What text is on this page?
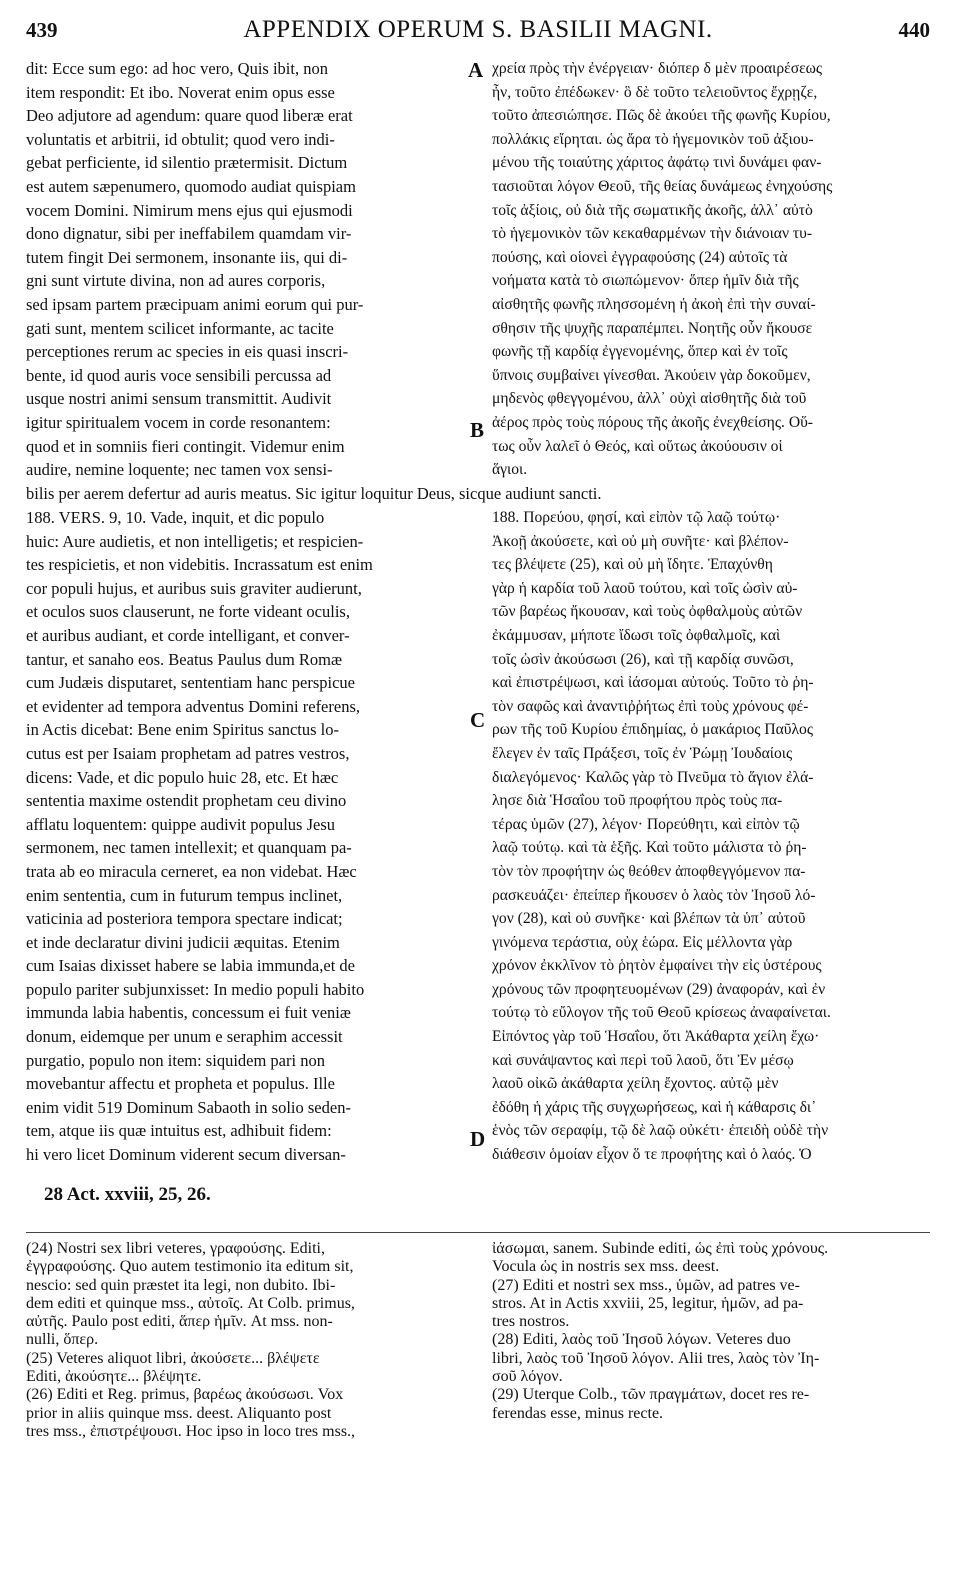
439	APPENDIX OPERUM S. BASILII MAGNI.	440
A
B
C
D
dit: Ecce sum ego: ad hoc vero, Quis ibit, non
item respondit: Et ibo. Noverat enim opus esse
Deo adjutore ad agendum: quare quod liberæ erat
voluntatis et arbitrii, id obtulit; quod vero indi-
gebat perficiente, id silentio prætermisit. Dictum
est autem sæpenumero, quomodo audiat quispiam
vocem Domini. Nimirum mens ejus qui ejusmodi
dono dignatur, sibi per ineffabilem quamdam vir-
tutem fingit Dei sermonem, insonante iis, qui di-
gni sunt virtute divina, non ad aures corporis,
sed ipsam partem præcipuam animi eorum qui pur-
gati sunt, mentem scilicet informante, ac tacite
perceptiones rerum ac species in eis quasi inscri-
bente, id quod auris voce sensibili percussa ad
usque nostri animi sensum transmittit. Audivit
igitur spiritualem vocem in corde resonantem:
quod et in somniis fieri contingit. Videmur enim
audire, nemine loquente; nec tamen vox sensi-
χρεία πρὸς τὴν ἐνέργειαν· διόπερ δ μὲν προαιρέσεως
ἦν, τοῦτο ἐπέδωκεν· ὃ δὲ τοῦτο τελειοῦντος ἔχρῃζε,
τοῦτο ἀπεσιώπησε. Πῶς δὲ ἀκούει τῆς φωνῆς Κυρίου,
πολλάκις εἴρηται. ὡς ἄρα τὸ ἡγεμονικὸν τοῦ ἀξιου-
μένου τῆς τοιαύτης χάριτος ἀφάτῳ τινὶ δυνάμει φαν-
τασιοῦται λόγον Θεοῦ, τῆς θείας δυνάμεως ἐνηχούσης
τοῖς ἀξίοις, οὐ διὰ τῆς σωματικῆς ἀκοῆς, ἀλλ᾽ αὐτὸ
τὸ ἡγεμονικὸν τῶν κεκαθαρμένων τὴν διάνοιαν τυ-
πούσης, καὶ οἱονεὶ ἐγγραφούσης (24) αὐτοῖς τὰ
νοήματα κατὰ τὸ σιωπώμενον· ὅπερ ἡμῖν διὰ τῆς
αἰσθητῆς φωνῆς πλησσομένη ἡ ἀκοὴ ἐπὶ τὴν συναί-
σθησιν τῆς ψυχῆς παραπέμπει. Νοητῆς οὖν ἤκουσε
φωνῆς τῇ καρδίᾳ ἐγγενομένης, ὅπερ καὶ ἐν τοῖς
ὕπνοις συμβαίνει γίνεσθαι. Ἀκούειν γὰρ δοκοῦμεν,
μηδενὸς φθεγγομένου, ἀλλ᾽ οὐχὶ αἰσθητῆς διὰ τοῦ
ἀέρος πρὸς τοὺς πόρους τῆς ἀκοῆς ἐνεχθείσης. Οὕ-
τως οὖν λαλεῖ ὁ Θεός, καὶ οὕτως ἀκούουσιν οἱ
ἅγιοι.
bilis per aerem defertur ad auris meatus. Sic igitur loquitur Deus, sicque audiunt sancti.
188. VERS. 9, 10. Vade, inquit, et dic populo
huic: Aure audietis, et non intelligetis; et respicien-
tes respicietis, et non videbitis. Incrassatum est enim
cor populi hujus, et auribus suis graviter audierunt,
et oculos suos clauserunt, ne forte videant oculis,
et auribus audiant, et corde intelligant, et conver-
tantur, et sanaho eos. Beatus Paulus dum Romæ
cum Judæis disputaret, sententiam hanc perspicue
et evidenter ad tempora adventus Domini referens,
in Actis dicebat: Bene enim Spiritus sanctus lo-
cutus est per Isaiam prophetam ad patres vestros,
dicens: Vade, et dic populo huic 28, etc. Et hæc
sententia maxime ostendit prophetam ceu divino
afflatu loquentem: quippe audivit populus Jesu
sermonem, nec tamen intellexit; et quanquam pa-
trata ab eo miracula cerneret, ea non videbat. Hæc
enim sententia, cum in futurum tempus inclinet,
vaticinia ad posteriora tempora spectare indicat;
et inde declaratur divini judicii æquitas. Etenim
cum Isaias dixisset habere se labia immunda,et de
populo pariter subjunxisset: In medio populi habito
immunda labia habentis, concessum ei fuit veniæ
donum, eidemque per unum e seraphim accessit
purgatio, populo non item: siquidem pari non
movebantur affectu et propheta et populus. Ille
enim vidit 519 Dominum Sabaoth in solio seden-
tem, atque iis quæ intuitus est, adhibuit fidem:
hi vero licet Dominum viderent secum diversan-
188. Πορεύου, φησί, καὶ εἰπὸν τῷ λαῷ τούτῳ·
Ἀκοῇ ἀκούσετε, καὶ οὐ μὴ συνῆτε· καὶ βλέπον-
τες βλέψετε (25), καὶ οὐ μὴ ἴδητε. Ἐπαχύνθη
γὰρ ἡ καρδία τοῦ λαοῦ τούτου, καὶ τοῖς ὠσὶν αὐ-
τῶν βαρέως ἤκουσαν, καὶ τοὺς ὀφθαλμοὺς αὐτῶν
ἐκάμμυσαν, μήποτε ἴδωσι τοῖς ὀφθαλμοῖς, καὶ
τοῖς ὠσὶν ἀκούσωσι (26), καὶ τῇ καρδίᾳ συνῶσι,
καὶ ἐπιστρέψωσι, καὶ ἰάσομαι αὐτούς. Τοῦτο τὸ ῥη-
τὸν σαφῶς καὶ ἀναντιῤῥήτως ἐπὶ τοὺς χρόνους φέ-
ρων τῆς τοῦ Κυρίου ἐπιδημίας, ὁ μακάριος Παῦλος
ἔλεγεν ἐν ταῖς Πράξεσι, τοῖς ἐν Ῥώμῃ Ἰουδαίοις
διαλεγόμενος· Καλῶς γὰρ τὸ Πνεῦμα τὸ ἅγιον ἐλά-
λησε διὰ Ἡσαΐου τοῦ προφήτου πρὸς τοὺς πα-
τέρας ὑμῶν (27), λέγον· Πορεύθητι, καὶ εἰπὸν τῷ
λαῷ τούτῳ. καὶ τὰ ἑξῆς. Καὶ τοῦτο μάλιστα τὸ ῥη-
τὸν τὸν προφήτην ὡς θεόθεν ἀποφθεγγόμενον πα-
ρασκευάζει· ἐπείπερ ἤκουσεν ὁ λαὸς τὸν Ἰησοῦ λό-
γον (28), καὶ οὐ συνῆκε· καὶ βλέπων τὰ ὑπ᾽ αὐτοῦ
γινόμενα τεράστια, οὐχ ἑώρα. Εἰς μέλλοντα γὰρ
χρόνον ἐκκλῖνον τὸ ῥητὸν ἐμφαίνει τὴν εἰς ὑστέρους
χρόνους τῶν προφητευομένων (29) ἀναφοράν, καὶ ἐν
τούτῳ τὸ εὔλογον τῆς τοῦ Θεοῦ κρίσεως ἀναφαίνεται.
Εἰπόντος γὰρ τοῦ Ἡσαΐου, ὅτι Ἀκάθαρτα χείλη ἔχω·
καὶ συνάψαντος καὶ περὶ τοῦ λαοῦ, ὅτι Ἐν μέσῳ
λαοῦ οἰκῶ ἀκάθαρτα χείλη ἔχοντος. αὐτῷ μὲν
ἐδόθη ἡ χάρις τῆς συγχωρήσεως, καὶ ἡ κάθαρσις δι᾽
ἑνὸς τῶν σεραφίμ, τῷ δὲ λαῷ οὐκέτι· ἐπειδὴ οὐδὲ τὴν
διάθεσιν ὁμοίαν εἶχον ὅ τε προφήτης καὶ ὁ λαός. Ὁ
28 Act. xxviii, 25, 26.
(24) Nostri sex libri veteres, γραφούσης. Editi,
ἐγγραφούσης. Quo autem testimonio ita editum sit,
nescio: sed quin præstet ita legi, non dubito. Ibi-
dem editi et quinque mss., αὐτοῖς. At Colb. primus,
αὐτῆς. Paulo post editi, ἅπερ ἡμῖν. At mss. non-
nulli, ὅπερ.
(25) Veteres aliquot libri, ἀκούσετε... βλέψετε
Editi, ἀκούσητε... βλέψητε.
(26) Editi et Reg. primus, βαρέως ἀκούσωσι. Vox
prior in aliis quinque mss. deest. Aliquanto post
tres mss., ἐπιστρέψουσι. Hoc ipso in loco tres mss.,
ἰάσωμαι, sanem. Subinde editi, ὡς ἐπὶ τοὺς χρόνους.
Vocula ὡς in nostris sex mss. deest.
(27) Editi et nostri sex mss., ὑμῶν, ad patres ve-
stros. At in Actis xxviii, 25, legitur, ἡμῶν, ad pa-
tres nostros.
(28) Editi, λαὸς τοῦ Ἰησοῦ λόγων. Veteres duo
libri, λαὸς τοῦ Ἰησοῦ λόγον. Alii tres, λαὸς τὸν Ἰη-
σοῦ λόγον.
(29) Uterque Colb., τῶν πραγμάτων, docet res re-
ferendas esse, minus recte.
